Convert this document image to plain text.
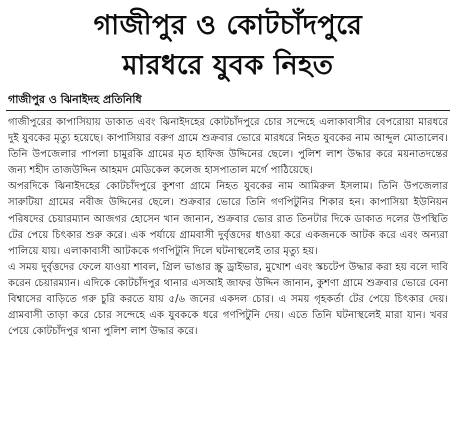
গাজীপুর ও কোটচাঁদপুরে
মারধরে যুবক নিহত
গাজীপুর ও ঝিনাইদহ প্রতিনিধি

গাজীপুরের কাপাসিয়ায় ডাকাত এবং ঝিনাইদহের কোটচাঁদপুরে চোর সন্দেহে এলাকাবাসীর বেপরোয়া মারধরে দুই যুবকের মৃত্যু হয়েছে। কাপাসিয়ার বরুণ গ্রামে শুক্রবার ভোরে মারধরে নিহত যুবকের নাম আব্দুল মোতালেব। তিনি উপজেলার পাপলা চামুরকি গ্রামের মৃত হাফিজ উদ্দিনের ছেলে। পুলিশ লাশ উদ্ধার করে ময়নাতদন্তের জন্য শহীদ তাজউদ্দিন আহমদ মেডিকেল কলেজ হাসপাতাল মর্গে পাঠিয়েছে।

অপরদিকে ঝিনাইদহের কোটচাঁদপুরে কুশণা গ্রামে নিহত যুবকের নাম আমিরুল ইসলাম। তিনি উপজেলার সারুটিয়া গ্রামের নবীজ উদ্দিনের ছেলে। শুক্রবার ভোরে তিনি গণপিটুনির শিকার হন। কাপাসিয়া ইউনিয়ন পরিষদের চেয়ারম্যান আজগর হোসেন খান জানান, শুক্রবার ভোর রাত তিনটার দিকে ডাকাত দলের উপস্থিতি টের পেয়ে চিৎকার শুরু করে। এক পর্যায়ে গ্রামবাসী দুর্বৃত্তদের ধাওয়া করে একজনকে আটক করে এবং অন্যরা পালিয়ে যায়। এলাকাবাসী আটককে গণপিটুনি দিলে ঘটনাস্থলেই তার মৃত্যু হয়।

এ সময় দুর্বৃত্তদের ফেলে যাওয়া শাবল, গ্রিল ভাঙার স্ক্রু ড্রাইভার, মুখোশ এবং স্কচটেপ উদ্ধার করা হয় বলে দাবি করেন চেয়ারম্যান। এদিকে কোটচাঁদপুর থানার এসআই জাফর উদ্দিন জানান, কুশণা গ্রামে শুক্রবার ভোরে বেনা বিশ্বাসের বাড়িতে গরু চুরি করতে যায় ৫/৬ জনের একদল চোর। এ সময় গৃহকর্তা টের পেয়ে চিৎকার দেয়। গ্রামবাসী তাড়া করে চোর সন্দেহে এক যুবককে ধরে গণপিটুনি দেয়। এতে তিনি ঘটনাস্থলেই মারা যান। খবর পেয়ে কোটচাঁদপুর থানা পুলিশ লাশ উদ্ধার করে।
